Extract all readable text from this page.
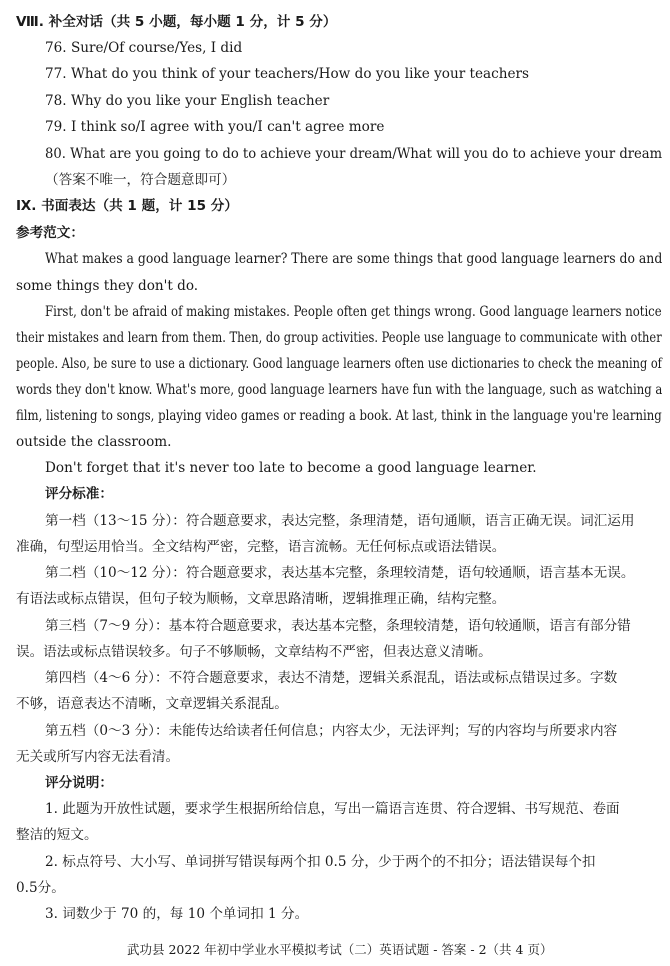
Ⅷ. 补全对话（共 5 小题，每小题 1 分，计 5 分）
76. Sure/Of course/Yes, I did
77. What do you think of your teachers/How do you like your teachers
78. Why do you like your English teacher
79. I think so/I agree with you/I can't agree more
80. What are you going to do to achieve your dream/What will you do to achieve your dream
（答案不唯一，符合题意即可）
Ⅸ. 书面表达（共 1 题，计 15 分）
参考范文：
What makes a good language learner? There are some things that good language learners do and
some things they don't do.
First, don't be afraid of making mistakes. People often get things wrong. Good language learners notice
their mistakes and learn from them. Then, do group activities. People use language to communicate with other
people. Also, be sure to use a dictionary. Good language learners often use dictionaries to check the meaning of
words they don't know. What's more, good language learners have fun with the language, such as watching a
film, listening to songs, playing video games or reading a book. At last, think in the language you're learning
outside the classroom.
Don't forget that it's never too late to become a good language learner.
评分标准：
第一档（13～15 分）：符合题意要求，表达完整，条理清楚，语句通顺，语言正确无误。词汇运用
准确，句型运用恰当。全文结构严密，完整，语言流畅。无任何标点或语法错误。
第二档（10～12 分）：符合题意要求，表达基本完整，条理较清楚，语句较通顺，语言基本无误。
有语法或标点错误，但句子较为顺畅，文章思路清晰，逻辑推理正确，结构完整。
第三档（7～9 分）：基本符合题意要求，表达基本完整，条理较清楚，语句较通顺，语言有部分错
误。语法或标点错误较多。句子不够顺畅，文章结构不严密，但表达意义清晰。
第四档（4～6 分）：不符合题意要求，表达不清楚，逻辑关系混乱，语法或标点错误过多。字数
不够，语意表达不清晰，文章逻辑关系混乱。
第五档（0～3 分）：未能传达给读者任何信息；内容太少，无法评判；写的内容均与所要求内容
无关或所写内容无法看清。
评分说明：
1. 此题为开放性试题，要求学生根据所给信息，写出一篇语言连贯、符合逻辑、书写规范、卷面
整洁的短文。
2. 标点符号、大小写、单词拼写错误每两个扣 0.5 分，少于两个的不扣分；语法错误每个扣
0.5分。
3. 词数少于 70 的，每 10 个单词扣 1 分。
武功县 2022 年初中学业水平模拟考试（二）英语试题 - 答案 - 2（共 4 页）
